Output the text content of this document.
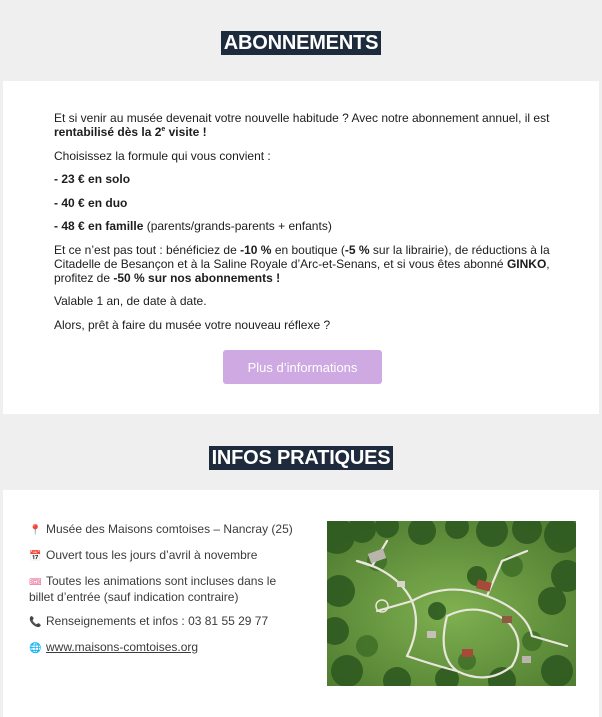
ABONNEMENTS

Et si venir au musée devenait votre nouvelle habitude ? Avec notre abonnement annuel, il est rentabilisé dès la 2e visite !

Choisissez la formule qui vous convient :

- 23 € en solo

- 40 € en duo

- 48 € en famille (parents/grands-parents + enfants)

Et ce n’est pas tout : bénéficiez de -10 % en boutique (-5 % sur la librairie), de réductions à la Citadelle de Besançon et à la Saline Royale d’Arc-et-Senans, et si vous êtes abonné GINKO, profitez de -50 % sur nos abonnements !

Valable 1 an, de date à date.

Alors, prêt à faire du musée votre nouveau réflexe ?

Plus d’informations
INFOS PRATIQUES
📍 Musée des Maisons comtoises – Nancray (25)
📅 Ouvert tous les jours d’avril à novembre
🎟 Toutes les animations sont incluses dans le billet d’entrée (sauf indication contraire)
📞 Renseignements et infos : 03 81 55 29 77
🌐 www.maisons-comtoises.org
